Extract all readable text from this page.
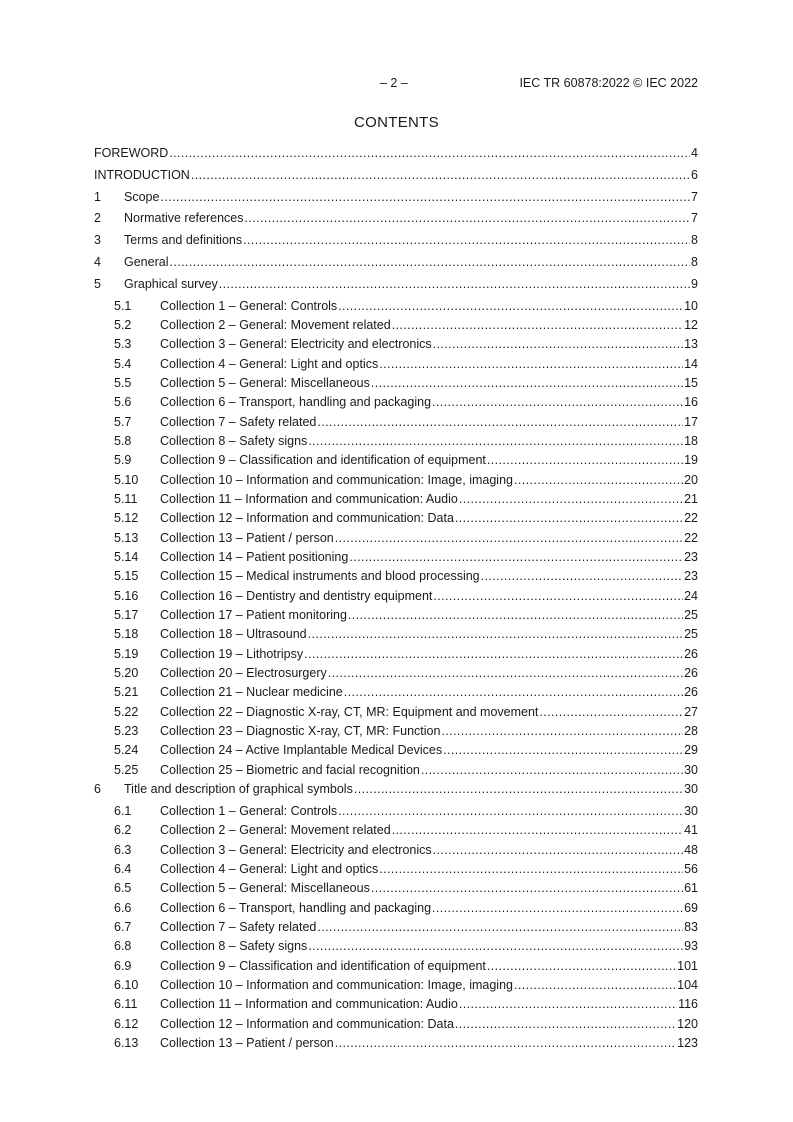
– 2 –	IEC TR 60878:2022 © IEC 2022
CONTENTS
FOREWORD .....	4
INTRODUCTION .....	6
1	Scope .....	7
2	Normative references .....	7
3	Terms and definitions .....	8
4	General .....	8
5	Graphical survey .....	9
5.1	Collection 1 – General: Controls .....	10
5.2	Collection 2 – General: Movement related .....	12
5.3	Collection 3 – General: Electricity and electronics .....	13
5.4	Collection 4 – General: Light and optics .....	14
5.5	Collection 5 – General: Miscellaneous .....	15
5.6	Collection 6 – Transport, handling and packaging .....	16
5.7	Collection 7 – Safety related .....	17
5.8	Collection 8 – Safety signs .....	18
5.9	Collection 9 – Classification and identification of equipment .....	19
5.10	Collection 10 – Information and communication: Image, imaging .....	20
5.11	Collection 11 – Information and communication: Audio .....	21
5.12	Collection 12 – Information and communication: Data .....	22
5.13	Collection 13 – Patient / person .....	22
5.14	Collection 14 – Patient positioning .....	23
5.15	Collection 15 – Medical instruments and blood processing .....	23
5.16	Collection 16 – Dentistry and dentistry equipment .....	24
5.17	Collection 17 – Patient monitoring .....	25
5.18	Collection 18 – Ultrasound .....	25
5.19	Collection 19 – Lithotripsy .....	26
5.20	Collection 20 – Electrosurgery .....	26
5.21	Collection 21 – Nuclear medicine .....	26
5.22	Collection 22 – Diagnostic X-ray, CT, MR: Equipment and movement .....	27
5.23	Collection 23 – Diagnostic X-ray, CT, MR: Function .....	28
5.24	Collection 24 – Active Implantable Medical Devices .....	29
5.25	Collection 25 – Biometric and facial recognition .....	30
6	Title and description of graphical symbols .....	30
6.1	Collection 1 – General: Controls .....	30
6.2	Collection 2 – General: Movement related .....	41
6.3	Collection 3 – General: Electricity and electronics .....	48
6.4	Collection 4 – General: Light and optics .....	56
6.5	Collection 5 – General: Miscellaneous .....	61
6.6	Collection 6 – Transport, handling and packaging .....	69
6.7	Collection 7 – Safety related .....	83
6.8	Collection 8 – Safety signs .....	93
6.9	Collection 9 – Classification and identification of equipment .....	101
6.10	Collection 10 – Information and communication: Image, imaging .....	104
6.11	Collection 11 – Information and communication: Audio .....	116
6.12	Collection 12 – Information and communication: Data .....	120
6.13	Collection 13 – Patient / person .....	123
